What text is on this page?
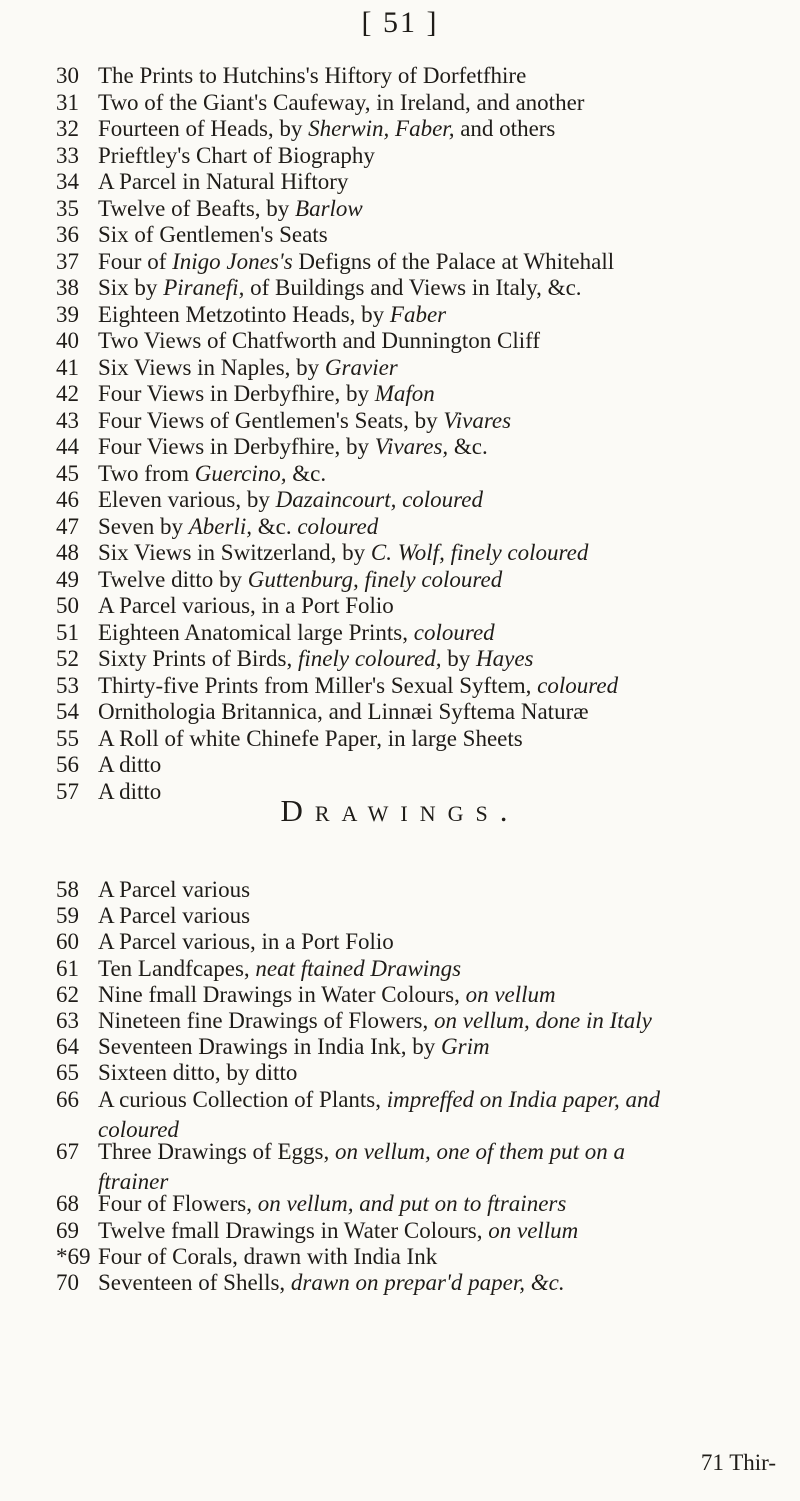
[ 51 ]
30 The Prints to Hutchins's Hiftory of Dorfetfhire
31 Two of the Giant's Caufeway, in Ireland, and another
32 Fourteen of Heads, by Sherwin, Faber, and others
33 Prieftley's Chart of Biography
34 A Parcel in Natural Hiftory
35 Twelve of Beafts, by Barlow
36 Six of Gentlemen's Seats
37 Four of Inigo Jones's Defigns of the Palace at Whitehall
38 Six by Piranefi, of Buildings and Views in Italy, &c.
39 Eighteen Metzotinto Heads, by Faber
40 Two Views of Chatfworth and Dunnington Cliff
41 Six Views in Naples, by Gravier
42 Four Views in Derbyfhire, by Mafon
43 Four Views of Gentlemen's Seats, by Vivares
44 Four Views in Derbyfhire, by Vivares, &c.
45 Two from Guercino, &c.
46 Eleven various, by Dazaincourt, coloured
47 Seven by Aberli, &c. coloured
48 Six Views in Switzerland, by C. Wolf, finely coloured
49 Twelve ditto by Guttenburg, finely coloured
50 A Parcel various, in a Port Folio
51 Eighteen Anatomical large Prints, coloured
52 Sixty Prints of Birds, finely coloured, by Hayes
53 Thirty-five Prints from Miller's Sexual Syftem, coloured
54 Ornithologia Britannica, and Linnæi Syftema Naturæ
55 A Roll of white Chinefe Paper, in large Sheets
56 A ditto
57 A ditto
Drawings.
58 A Parcel various
59 A Parcel various
60 A Parcel various, in a Port Folio
61 Ten Landfcapes, neat ftained Drawings
62 Nine fmall Drawings in Water Colours, on vellum
63 Nineteen fine Drawings of Flowers, on vellum, done in Italy
64 Seventeen Drawings in India Ink, by Grim
65 Sixteen ditto, by ditto
66 A curious Collection of Plants, impreffed on India paper, and
coloured
67 Three Drawings of Eggs, on vellum, one of them put on a
ftrainer
68 Four of Flowers, on vellum, and put on to ftrainers
69 Twelve fmall Drawings in Water Colours, on vellum
*69 Four of Corals, drawn with India Ink
70 Seventeen of Shells, drawn on prepar'd paper, &c.
71 Thir-
